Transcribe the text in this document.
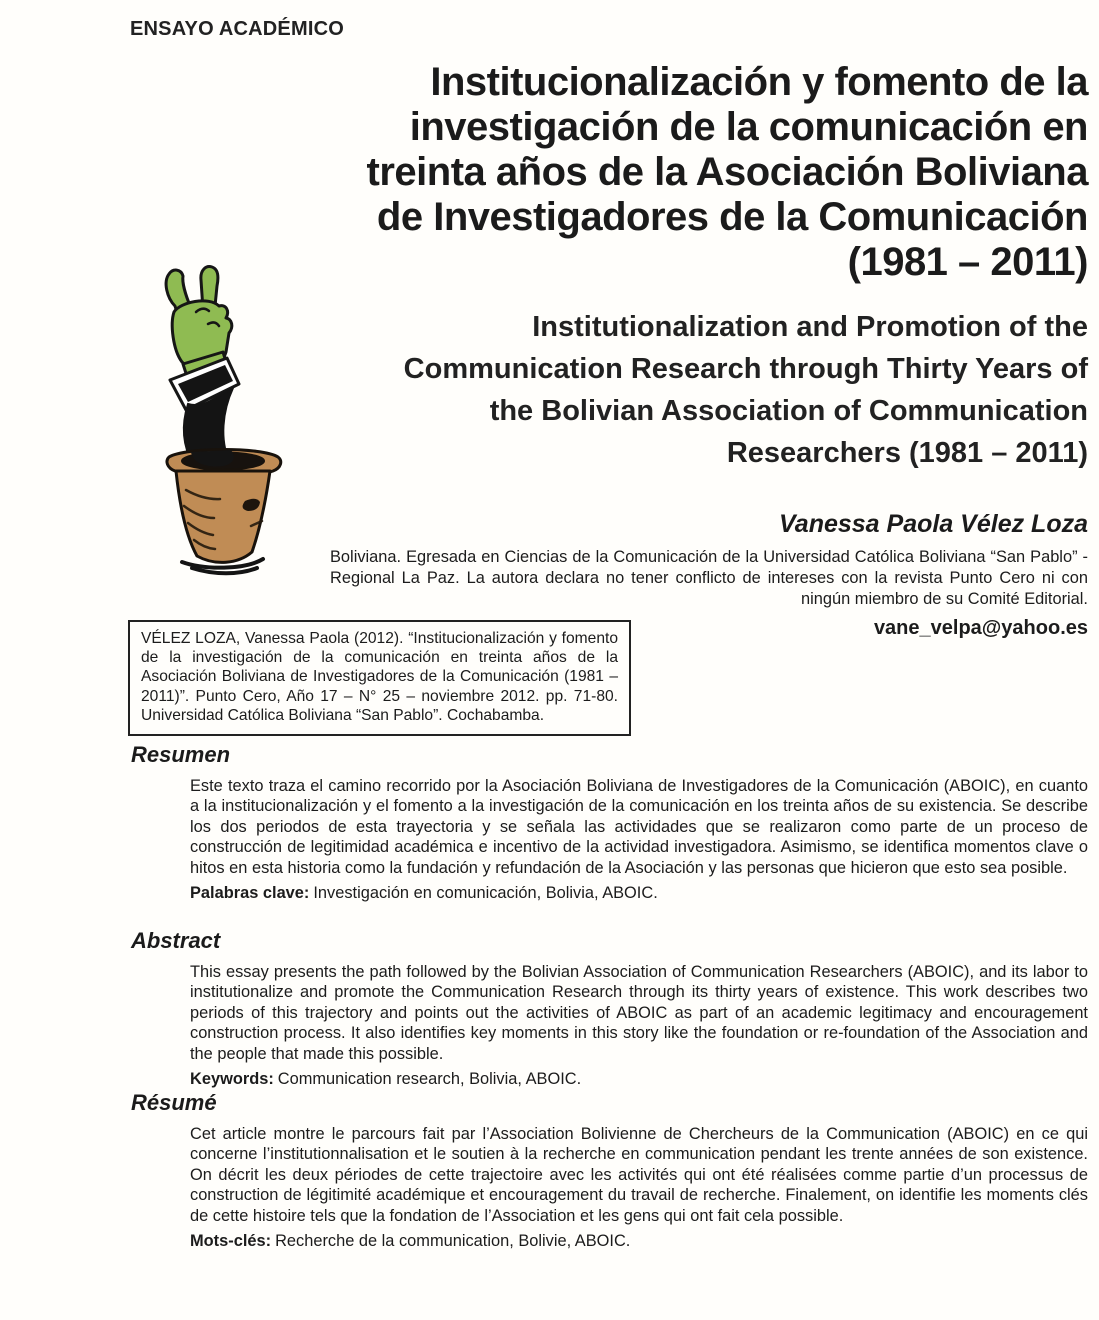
ENSAYO ACADÉMICO
Institucionalización y fomento de la
investigación de la comunicación en
treinta años de la Asociación Boliviana
de Investigadores de la Comunicación
(1981 – 2011)
Institutionalization and Promotion of the
Communication Research through Thirty Years of
the Bolivian Association of Communication
Researchers (1981 – 2011)
Vanessa Paola Vélez Loza
Boliviana. Egresada en Ciencias de la Comunicación de la Universidad Católica Boliviana “San Pablo” - Regional La Paz. La autora declara no tener conflicto de intereses con la revista Punto Cero ni con ningún miembro de su Comité Editorial.
vane_velpa@yahoo.es
VÉLEZ LOZA, Vanessa Paola (2012). “Institucionalización y fomento de la investigación de la comunicación en treinta años de la Asociación Boliviana de Investigadores de la Comunicación (1981 – 2011)”. Punto Cero, Año 17 – N° 25 – noviembre 2012. pp. 71-80. Universidad Católica Boliviana “San Pablo”. Cochabamba.
Resumen

Este texto traza el camino recorrido por la Asociación Boliviana de Investigadores de la Comunicación (ABOIC), en cuanto a la institucionalización y el fomento a la investigación de la comunicación en los treinta años de su existencia. Se describe los dos periodos de esta trayectoria y se señala las actividades que se realizaron como parte de un proceso de construcción de legitimidad académica e incentivo de la actividad investigadora. Asimismo, se identifica momentos clave o hitos en esta historia como la fundación y refundación de la Asociación y las personas que hicieron que esto sea posible.

Palabras clave: Investigación en comunicación, Bolivia, ABOIC.

Abstract

This essay presents the path followed by the Bolivian Association of Communication Researchers (ABOIC), and its labor to institutionalize and promote the Communication Research through its thirty years of existence. This work describes two periods of this trajectory and points out the activities of ABOIC as part of an academic legitimacy and encouragement construction process. It also identifies key moments in this story like the foundation or re-foundation of the Association and the people that made this possible.

Keywords: Communication research, Bolivia, ABOIC.

Résumé

Cet article montre le parcours fait par l’Association Bolivienne de Chercheurs de la Communication (ABOIC) en ce qui concerne l’institutionnalisation et le soutien à la recherche en communication pendant les trente années de son existence. On décrit les deux périodes de cette trajectoire avec les activités qui ont été réalisées comme partie d’un processus de construction de légitimité académique et encouragement du travail de recherche. Finalement, on identifie les moments clés de cette histoire tels que la fondation de l’Association et les gens qui ont fait cela possible.

Mots-clés: Recherche de la communication, Bolivie, ABOIC.
